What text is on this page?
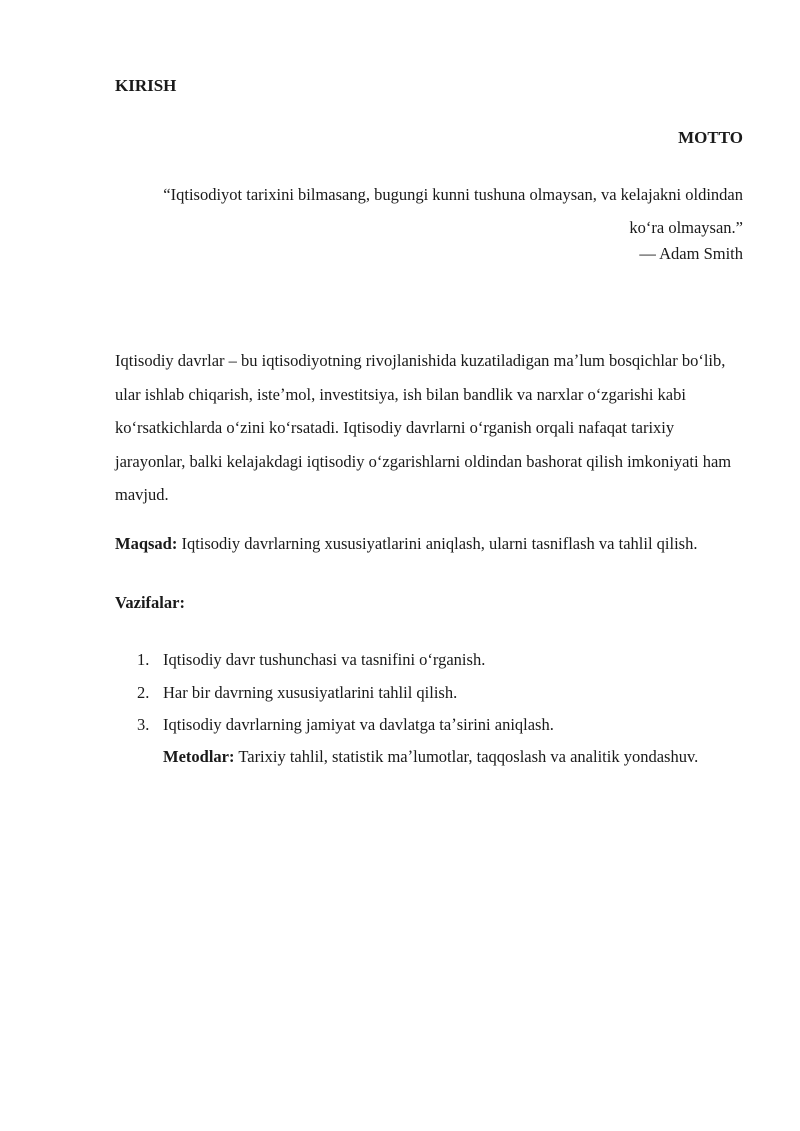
KIRISH
MOTTO
“Iqtisodiyot tarixini bilmasang, bugungi kunni tushuna olmaysan, va kelajakni oldindan koʻra olmaysan.”
— Adam Smith
Iqtisodiy davrlar – bu iqtisodiyotning rivojlanishida kuzatiladigan maʼlum bosqichlar boʻlib, ular ishlab chiqarish, isteʼmol, investitsiya, ish bilan bandlik va narxlar oʻzgarishi kabi koʻrsatkichlarda oʻzini koʻrsatadi. Iqtisodiy davrlarni oʻrganish orqali nafaqat tarixiy jarayonlar, balki kelajakdagi iqtisodiy oʻzgarishlarni oldindan bashorat qilish imkoniyati ham mavjud.
Maqsad: Iqtisodiy davrlarning xususiyatlarini aniqlash, ularni tasniflash va tahlil qilish.
Vazifalar:
1. Iqtisodiy davr tushunchasi va tasnifini oʻrganish.
2. Har bir davrning xususiyatlarini tahlil qilish.
3. Iqtisodiy davrlarning jamiyat va davlatga taʼsirini aniqlash.
Metodlar: Tarixiy tahlil, statistik maʼlumotlar, taqqoslash va analitik yondashuv.
